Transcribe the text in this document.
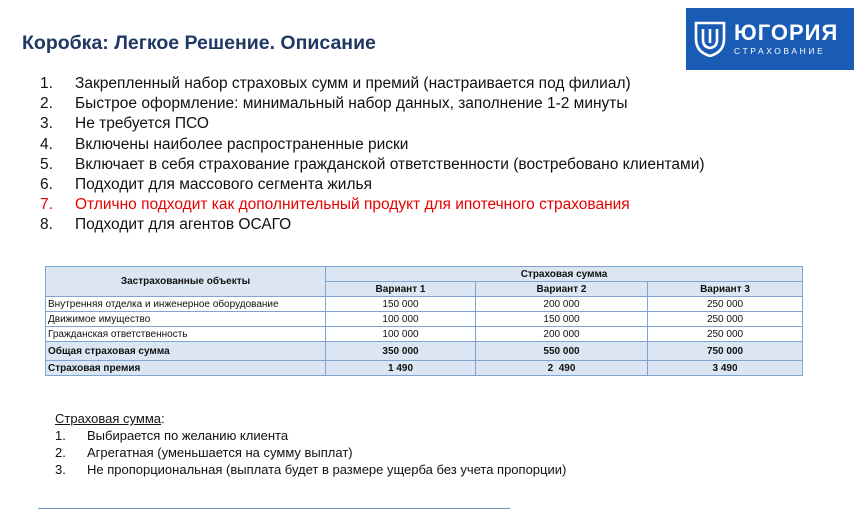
Коробка: Легкое Решение. Описание	ЮГОРИЯ
СТРАХОВАНИЕ
1.	Закрепленный набор страховых сумм и премий (настраивается под филиал)
2.	Быстрое оформление: минимальный набор данных, заполнение 1-2 минуты
3.	Не требуется ПСО
4.	Включены наиболее распространенные риски
5.	Включает в себя страхование гражданской ответственности (востребовано клиентами)
6.	Подходит для массового сегмента жилья
7.	Отлично подходит как дополнительный продукт для ипотечного страхования
8.	Подходит для агентов ОСАГО
Застрахованные объекты	Страховая сумма		
	Вариант 1	Вариант 2	Вариант 3
Внутренняя отделка и инженерное оборудование	150 000	200 000	250 000
Движимое имущество	100 000	150 000	250 000
Гражданская ответственность	100 000	200 000	250 000
Общая страховая сумма	350 000	550 000	750 000
Страховая премия	1 490	2  490	3 490
Страховая сумма:
1.	Выбирается по желанию клиента
2.	Агрегатная (уменьшается на сумму выплат)
3.	Не пропорциональная (выплата будет в размере ущерба без учета пропорции)
